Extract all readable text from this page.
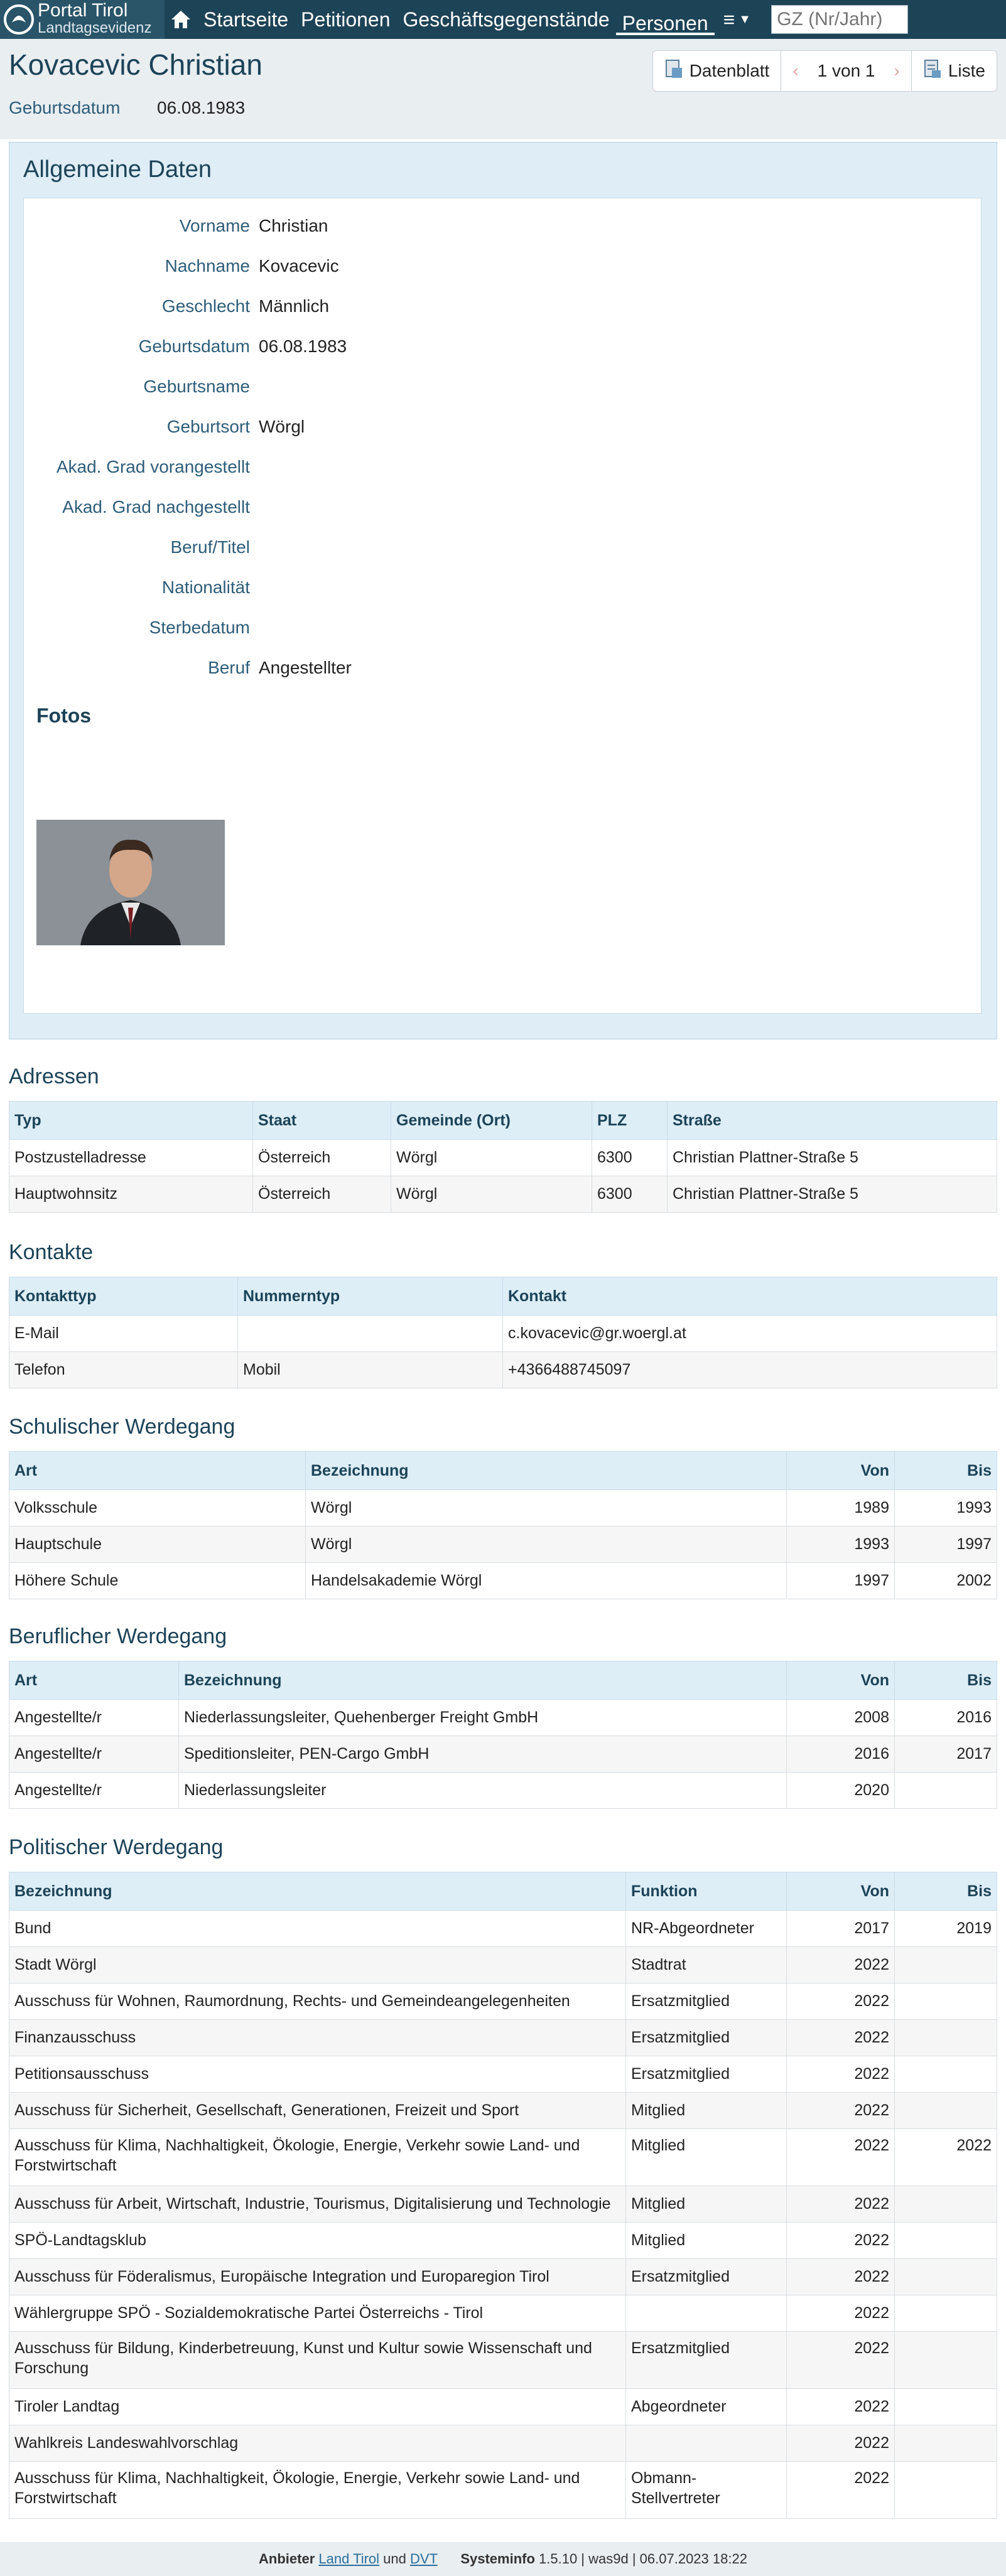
Portal Tirol
Landtagsevidenz	Startseite Petitionen Geschäftsgegenstände Personen ≡ ▼
GZ (Nr/Jahr)
Kovacevic Christian
Geburtsdatum 06.08.1983
Datenblatt ‹ 1 von 1 ›	Liste
Allgemeine Daten
Vorname Christian
Nachname Kovacevic
Geschlecht Männlich
Geburtsdatum 06.08.1983
Geburtsname
Geburtsort Wörgl
Akad. Grad vorangestellt
Akad. Grad nachgestellt
Beruf/Titel
Nationalität
Sterbedatum
Beruf Angestellter
Fotos
Adressen
Typ	Staat	Gemeinde (Ort)	PLZ	Straße
Postzustelladresse	Österreich	Wörgl	6300	Christian Plattner-Straße 5
Hauptwohnsitz	Österreich	Wörgl	6300	Christian Plattner-Straße 5
Kontakte
Kontakttyp	Nummerntyp	Kontakt
E-Mail		c.kovacevic@gr.woergl.at
Telefon	Mobil	+4366488745097
Schulischer Werdegang
Art	Bezeichnung	Von	Bis
Volksschule	Wörgl	1989	1993
Hauptschule	Wörgl	1993	1997
Höhere Schule	Handelsakademie Wörgl	1997	2002
Beruflicher Werdegang
Art	Bezeichnung	Von	Bis
Angestellte/r	Niederlassungsleiter, Quehenberger Freight GmbH	2008	2016
Angestellte/r	Speditionsleiter, PEN-Cargo GmbH	2016	2017
Angestellte/r	Niederlassungsleiter	2020	
Politischer Werdegang
Bezeichnung	Funktion	Von	Bis
Bund	NR-Abgeordneter	2017	2019
Stadt Wörgl	Stadtrat	2022	
Ausschuss für Wohnen, Raumordnung, Rechts- und Gemeindeangelegenheiten	Ersatzmitglied	2022	
Finanzausschuss	Ersatzmitglied	2022	
Petitionsausschuss	Ersatzmitglied	2022	
Ausschuss für Sicherheit, Gesellschaft, Generationen, Freizeit und Sport	Mitglied	2022	
Ausschuss für Klima, Nachhaltigkeit, Ökologie, Energie, Verkehr sowie Land- und Forstwirtschaft	Mitglied	2022	2022
Ausschuss für Arbeit, Wirtschaft, Industrie, Tourismus, Digitalisierung und Technologie	Mitglied	2022	
SPÖ-Landtagsklub	Mitglied	2022	
Ausschuss für Föderalismus, Europäische Integration und Europaregion Tirol	Ersatzmitglied	2022	
Wählergruppe SPÖ - Sozialdemokratische Partei Österreichs - Tirol		2022	
Ausschuss für Bildung, Kinderbetreuung, Kunst und Kultur sowie Wissenschaft und Forschung	Ersatzmitglied	2022	
Tiroler Landtag	Abgeordneter	2022	
Wahlkreis Landeswahlvorschlag		2022	
Ausschuss für Klima, Nachhaltigkeit, Ökologie, Energie, Verkehr sowie Land- und Forstwirtschaft	Obmann-Stellvertreter	2022	
Anbieter Land Tirol und DVT Systeminfo 1.5.10 | was9d | 06.07.2023 18:22
